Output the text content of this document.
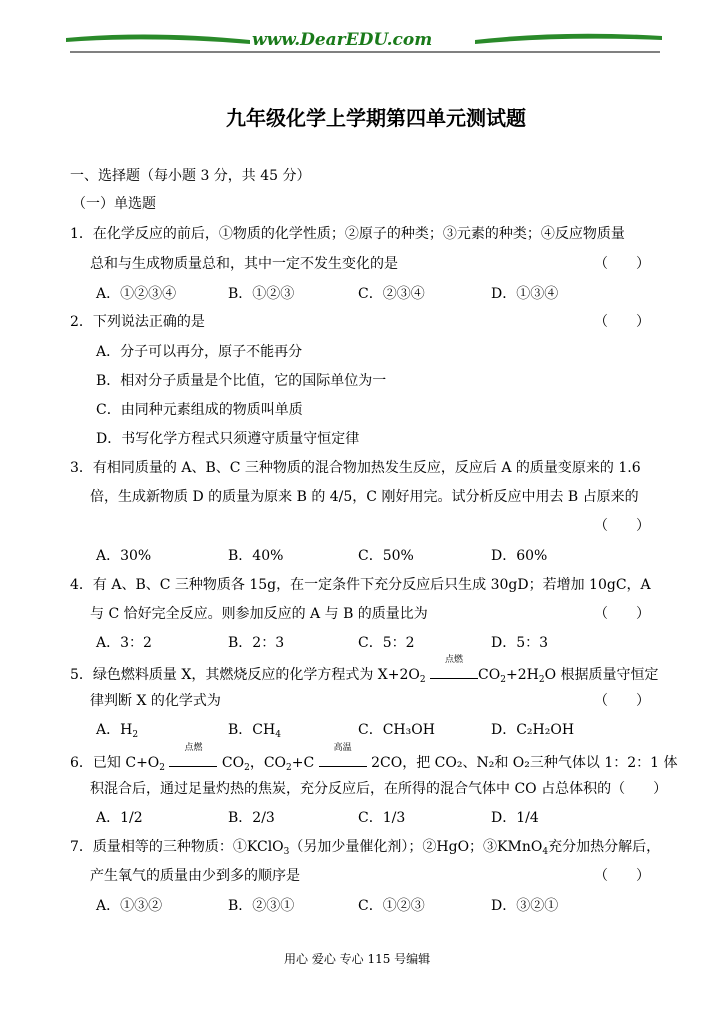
www.DearEDU.com
九年级化学上学期第四单元测试题
一、选择题（每小题 3 分，共 45 分）
（一）单选题
1．在化学反应的前后，①物质的化学性质；②原子的种类；③元素的种类；④反应物质量
总和与生成物质量总和，其中一定不发生变化的是	（　　）
A．①②③④	B．①②③	C．②③④	D．①③④
2．下列说法正确的是	（　　）
A．分子可以再分，原子不能再分
B．相对分子质量是个比值，它的国际单位为一
C．由同种元素组成的物质叫单质
D．书写化学方程式只须遵守质量守恒定律
3．有相同质量的 A、B、C 三种物质的混合物加热发生反应，反应后 A 的质量变原来的 1.6
倍，生成新物质 D 的质量为原来 B 的 4/5，C 刚好用完。试分析反应中用去 B 占原来的
（　　）
A．30%	B．40%	C．50%	D．60%
4．有 A、B、C 三种物质各 15g，在一定条件下充分反应后只生成 30gD；若增加 10gC，A
与 C 恰好完全反应。则参加反应的 A 与 B 的质量比为	（　　）
A．3：2	B．2：3	C．5：2	D．5：3
5．绿色燃料质量 X，其燃烧反应的化学方程式为 $X+2O_2$
点燃
$CO_2+2H_2O$ 根据质量守恒定
律判断 X 的化学式为	（　　）
A．$H_2$	B．$CH_4$	C．CH₃OH	D．C₂H₂OH
6．已知 $C+O_2$
点燃
$CO_2$，$CO_2+C$
高温
2CO，把 CO₂、N₂和 O₂三种气体以 1：2：1 体
积混合后，通过足量灼热的焦炭，充分反应后，在所得的混合气体中 CO 占总体积的（　　）
A．1/2	B．2/3	C．1/3	D．1/4
7．质量相等的三种物质：①KClO$_3$（另加少量催化剂）；②HgO；③KMnO$_4$充分加热分解后，
产生氧气的质量由少到多的顺序是	（　　）
A．①③②	B．②③①	C．①②③	D．③②①
用心 爱心 专心 115 号编辑
